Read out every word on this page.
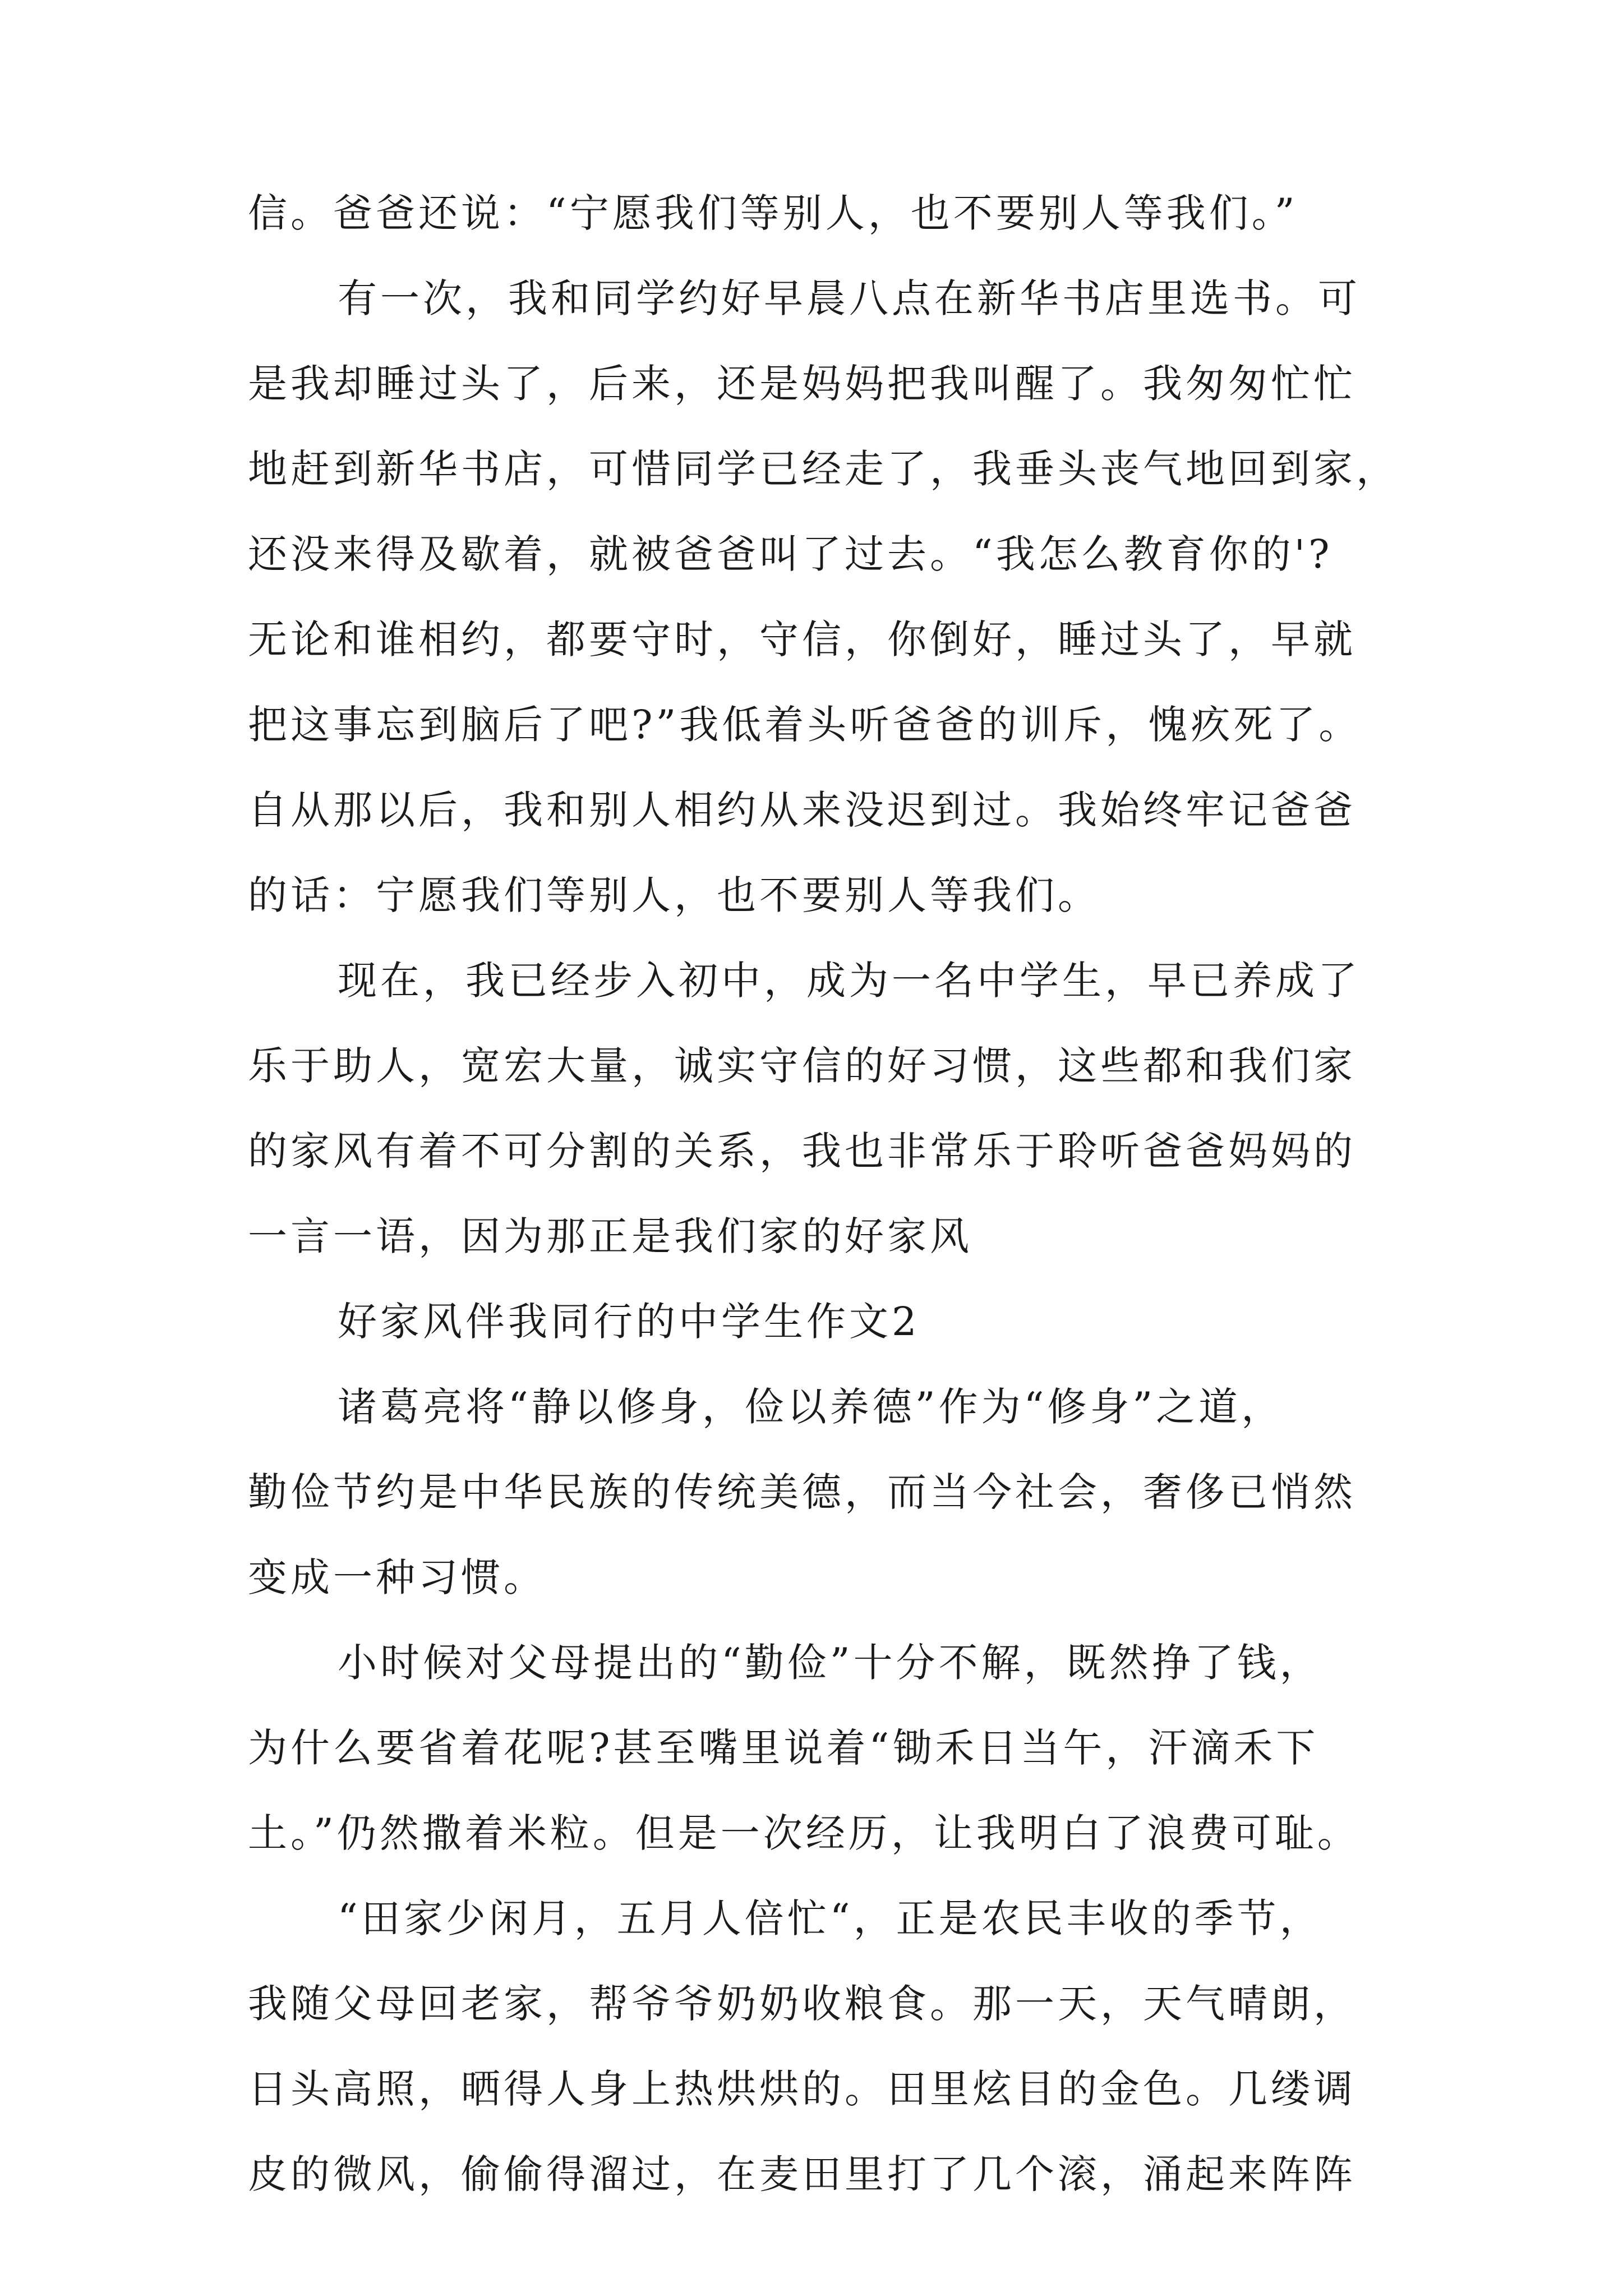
信。爸爸还说：“宁愿我们等别人，也不要别人等我们。”
有一次，我和同学约好早晨八点在新华书店里选书。可
是我却睡过头了，后来，还是妈妈把我叫醒了。我匆匆忙忙
地赶到新华书店，可惜同学已经走了，我垂头丧气地回到家，
还没来得及歇着，就被爸爸叫了过去。“我怎么教育你的'?
无论和谁相约，都要守时，守信，你倒好，睡过头了，早就
把这事忘到脑后了吧?”我低着头听爸爸的训斥，愧疚死了。
自从那以后，我和别人相约从来没迟到过。我始终牢记爸爸
的话：宁愿我们等别人，也不要别人等我们。
现在，我已经步入初中，成为一名中学生，早已养成了
乐于助人，宽宏大量，诚实守信的好习惯，这些都和我们家
的家风有着不可分割的关系，我也非常乐于聆听爸爸妈妈的
一言一语，因为那正是我们家的好家风
好家风伴我同行的中学生作文2
诸葛亮将“静以修身，俭以养德”作为“修身”之道，
勤俭节约是中华民族的传统美德，而当今社会，奢侈已悄然
变成一种习惯。
小时候对父母提出的“勤俭”十分不解，既然挣了钱，
为什么要省着花呢?甚至嘴里说着“锄禾日当午，汗滴禾下
土。”仍然撒着米粒。但是一次经历，让我明白了浪费可耻。
“田家少闲月，五月人倍忙“，正是农民丰收的季节，
我随父母回老家，帮爷爷奶奶收粮食。那一天，天气晴朗，
日头高照，晒得人身上热烘烘的。田里炫目的金色。几缕调
皮的微风，偷偷得溜过，在麦田里打了几个滚，涌起来阵阵
